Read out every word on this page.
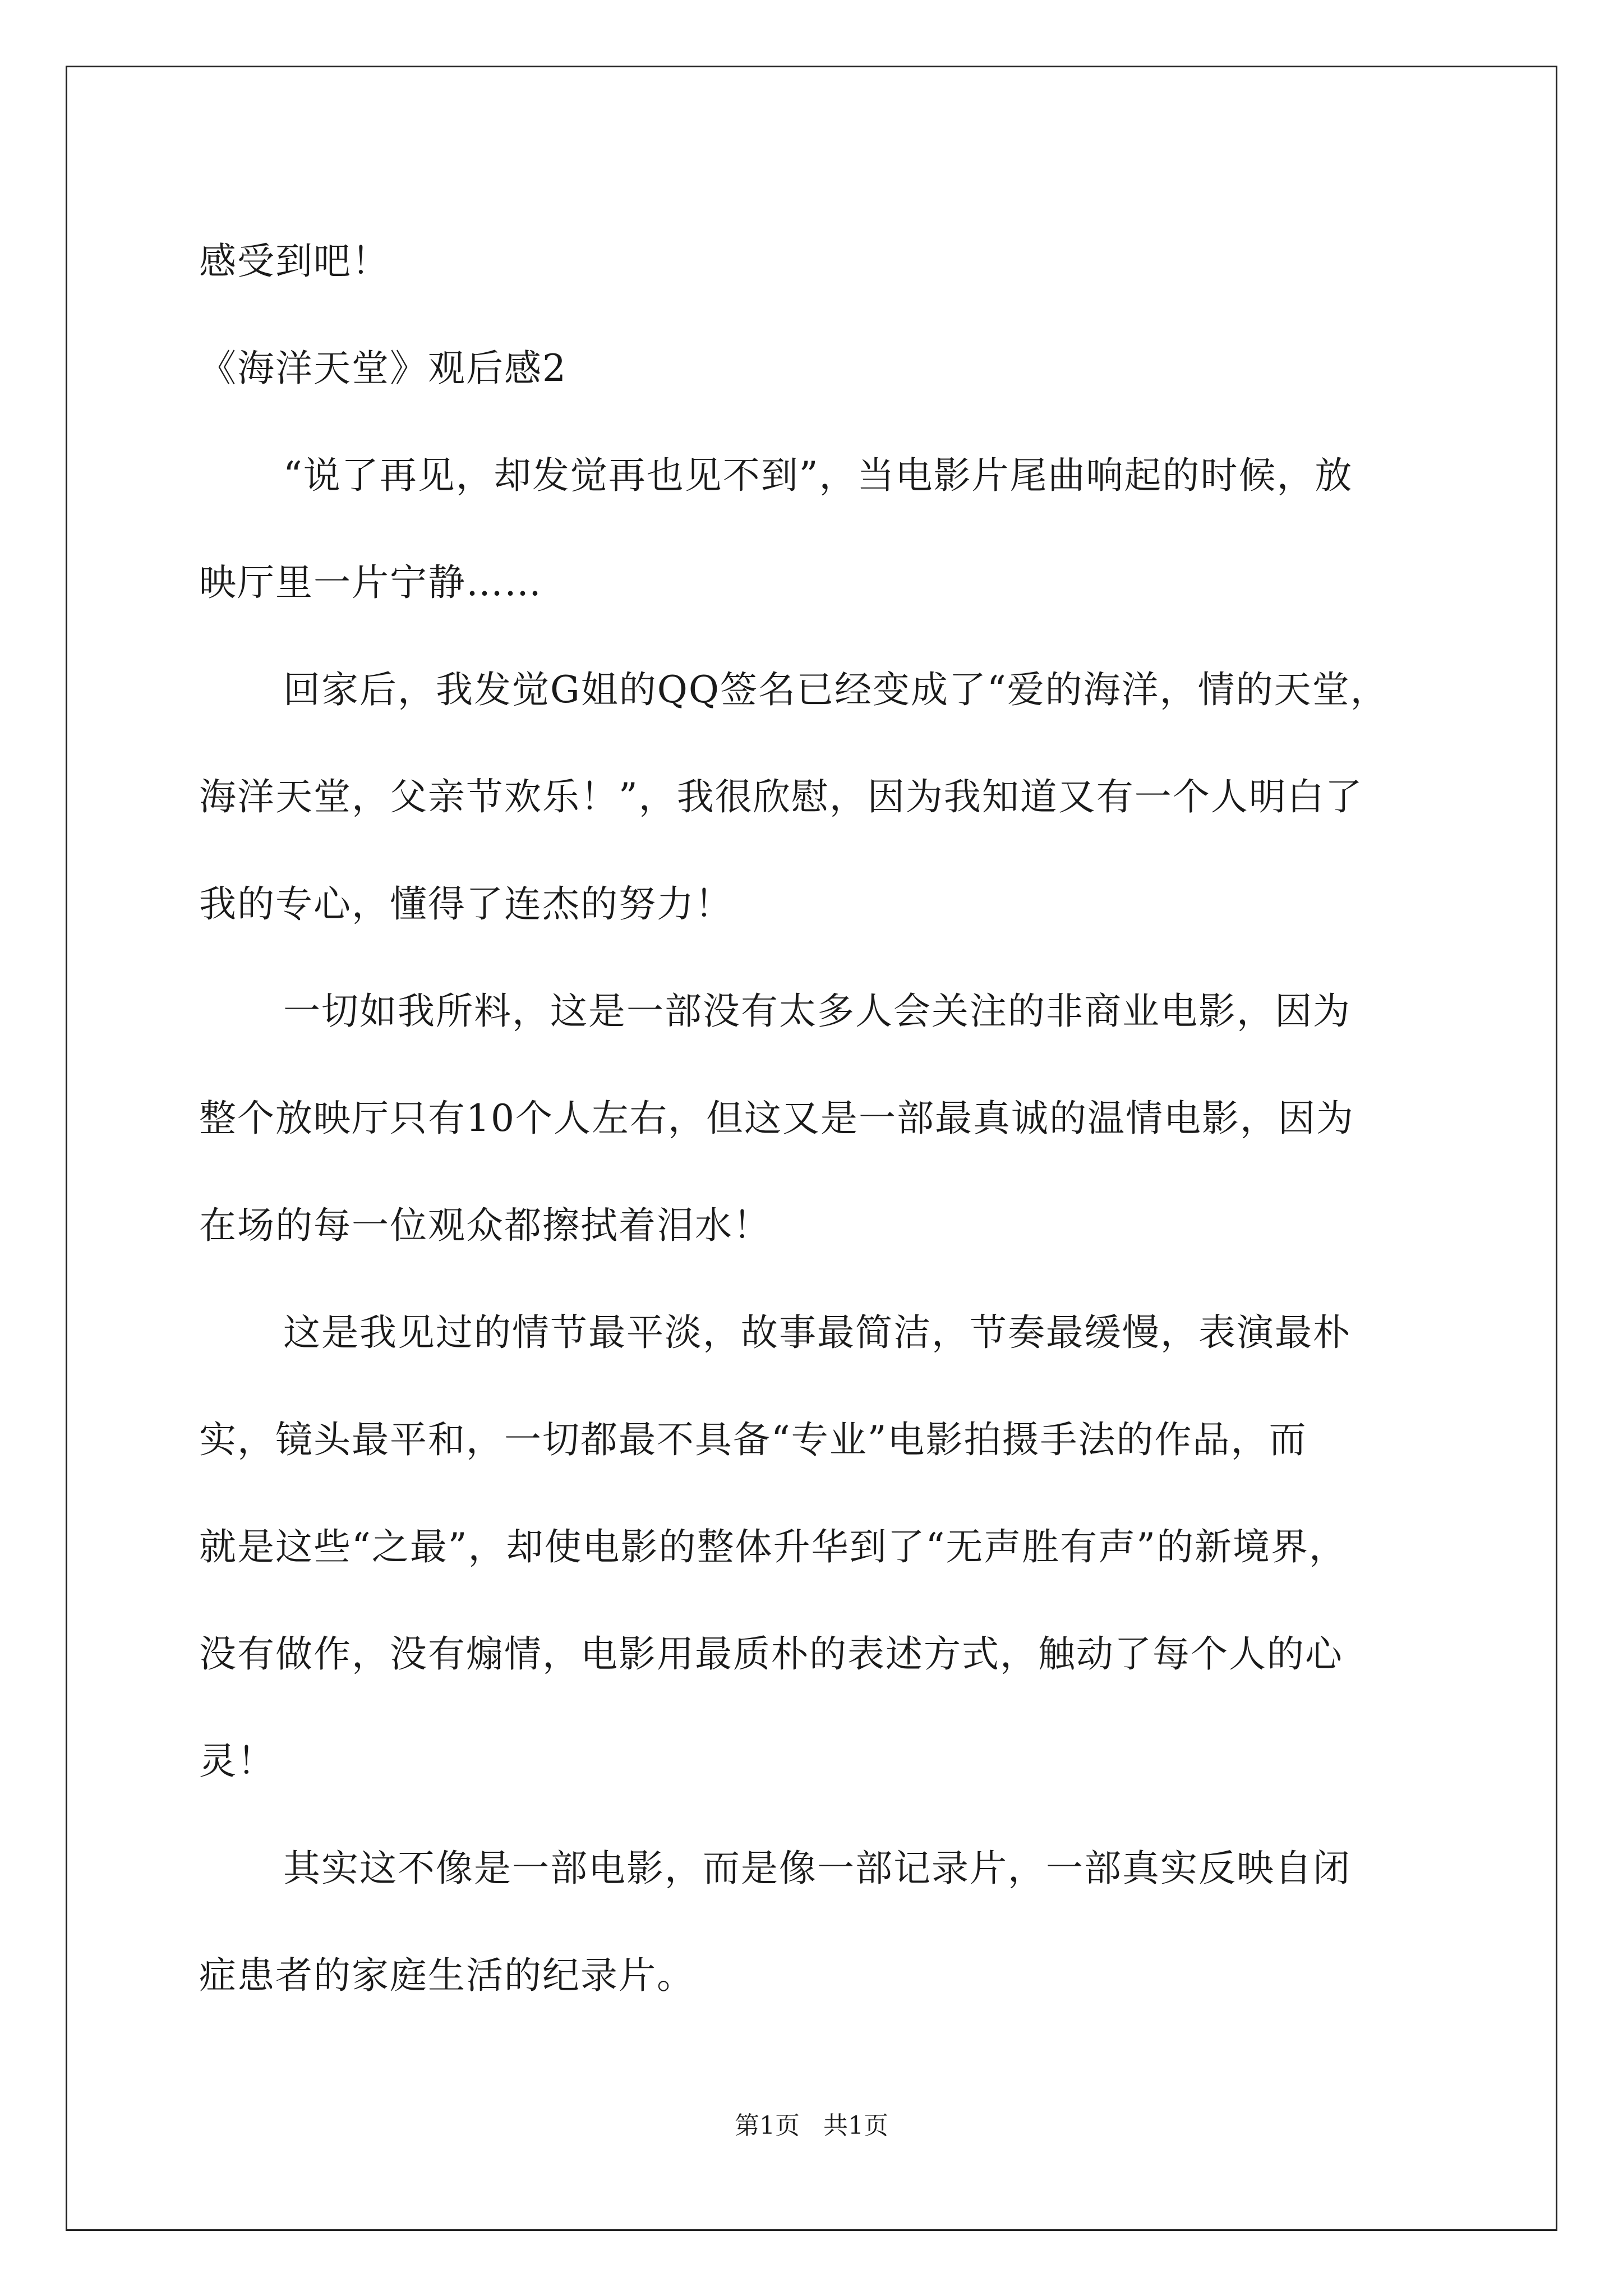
感受到吧！
《海洋天堂》观后感2
“说了再见，却发觉再也见不到”，当电影片尾曲响起的时候，放
映厅里一片宁静……
回家后，我发觉G姐的QQ签名已经变成了“爱的海洋，情的天堂，
海洋天堂，父亲节欢乐！”，我很欣慰，因为我知道又有一个人明白了
我的专心，懂得了连杰的努力！
一切如我所料，这是一部没有太多人会关注的非商业电影，因为
整个放映厅只有10个人左右，但这又是一部最真诚的温情电影，因为
在场的每一位观众都擦拭着泪水！
这是我见过的情节最平淡，故事最简洁，节奏最缓慢，表演最朴
实，镜头最平和，一切都最不具备“专业”电影拍摄手法的作品，而
就是这些“之最”，却使电影的整体升华到了“无声胜有声”的新境界，
没有做作，没有煽情，电影用最质朴的表述方式，触动了每个人的心
灵！
其实这不像是一部电影，而是像一部记录片，一部真实反映自闭
症患者的家庭生活的纪录片。
第1页   共1页
